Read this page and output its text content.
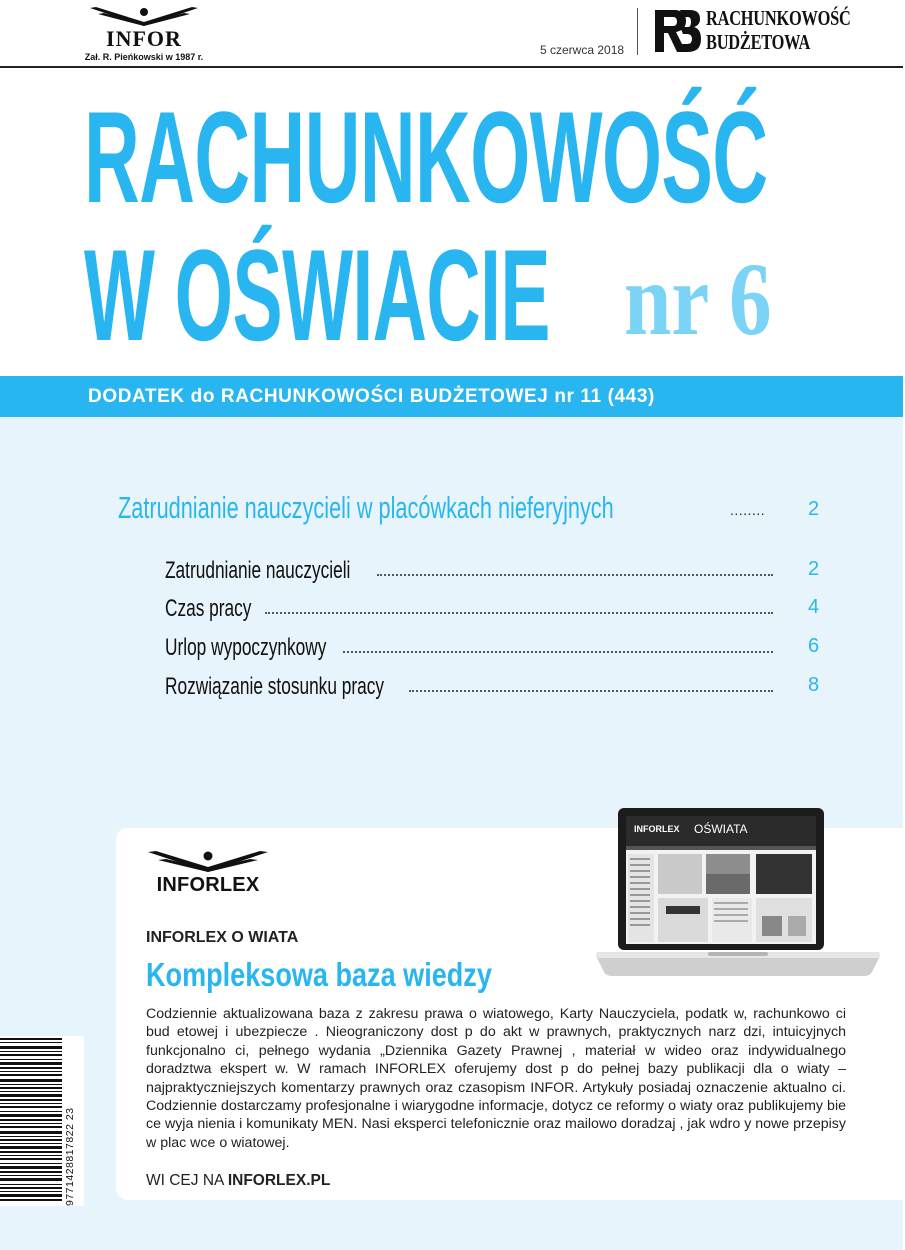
INFOR
Zał. R. Pieńkowski w 1987 r.	5 czerwca 2018
RACHUNKOWOŚĆ
BUDŻETOWA
RACHUNKOWOŚĆ
W OŚWIACIE nr 6
DODATEK do RACHUNKOWOŚCI BUDŻETOWEJ nr 11 (443)
Zatrudnianie nauczycieli w placówkach nieferyjnych	........ 2
Zatrudnianie nauczycieli	2
Czas pracy	4
Urlop wypoczynkowy	6
Rozwiązanie stosunku pracy	8
INFORLEX
INFORLEX O WIATA
Kompleksowa baza wiedzy
Codziennie aktualizowana baza z zakresu prawa o wiatowego, Karty Nauczyciela, podatk w, rachunkowo ci bud etowej i ubezpiecze . Nieograniczony dost p do akt w prawnych, praktycznych narz dzi, intuicyjnych funkcjonalno ci, pełnego wydania „Dziennika Gazety Prawnej , materiał w wideo oraz indywidualnego doradztwa ekspert w. W ramach INFORLEX oferujemy dost p do pełnej bazy publikacji dla o wiaty – najpraktyczniejszych komentarzy prawnych oraz czasopism INFOR. Artykuły posiadaj oznaczenie aktualno ci. Codziennie dostarczamy profesjonalne i wiarygodne informacje, dotycz ce reformy o wiaty oraz publikujemy bie ce wyja nienia i komunikaty MEN. Nasi eksperci telefonicznie oraz mailowo doradzaj , jak wdro y nowe przepisy w plac wce o wiatowej.
WI CEJ NA INFORLEX.PL
INFORLEX OŚWIATA
9771428817822 23
